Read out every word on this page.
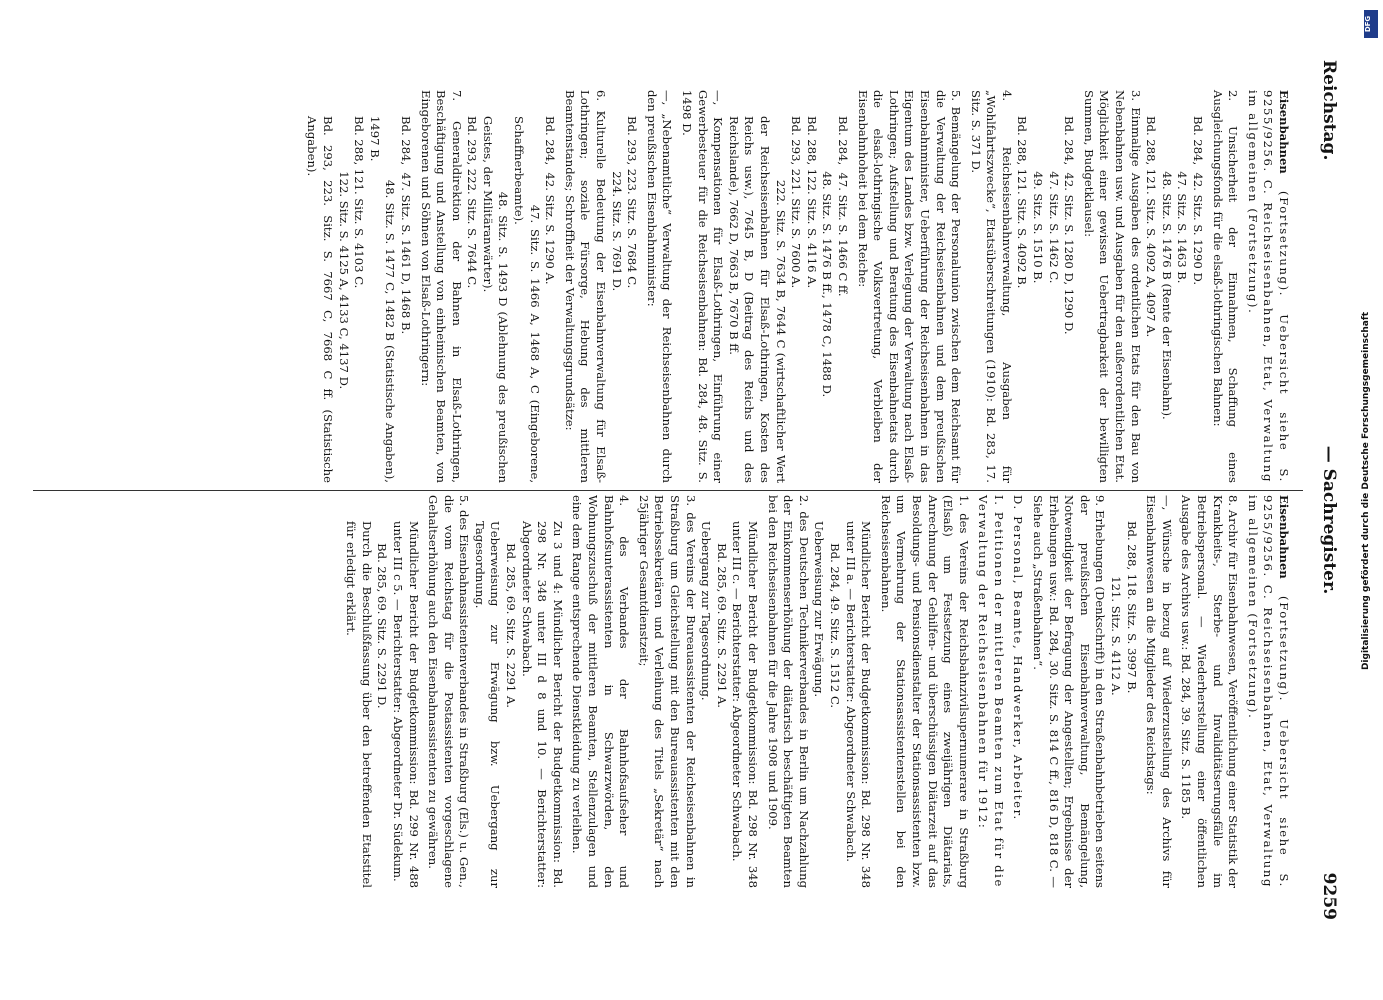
Reichstag.
— Sachregister.
9259

Eisenbahnen (Fortsetzung). Uebersicht siehe S. 9255/9256. C. Reichseisenbahnen, Etat, Verwaltung im allgemeinen (Fortsetzung).

2. Unsicherheit der Einnahmen, Schaffung eines Ausgleichungsfonds für die elsaß-lothringischen Bahnen:

Bd. 284,  42. Sitz. S. 1290 D.
47. Sitz. S. 1463 B.
48. Sitz. S. 1476 B (Rente der Eisenbahn).
Bd. 288, 121. Sitz. S. 4092 A, 4097 A.

3. Einmalige Ausgaben des ordentlichen Etats für den Bau von Nebenbahnen usw. und Ausgaben für den außerordentlichen Etat. Möglichkeit einer gewissen Uebertragbarkeit der bewilligten Summen, Budgetklausel:

Bd. 284,  42. Sitz. S. 1280 D, 1290 D.
47. Sitz. S. 1462 C.
49. Sitz. S. 1510 B.
Bd. 288, 121. Sitz. S. 4092 B.

4. Reichseisenbahnverwaltung, Ausgaben für „Wohlfahrtszwecke“, Etatsüberschreitungen (1910): Bd. 283, 17. Sitz. S. 371 D.

5. Bemängelung der Personalunion zwischen dem Reichsamt für die Verwaltung der Reichseisenbahnen und dem preußischen Eisenbahnminister, Ueberführung der Reichseisenbahnen in das Eigentum des Landes bzw. Verlegung der Verwaltung nach Elsaß-Lothringen; Aufstellung und Beratung des Eisenbahnetats durch die elsaß-lothringische Volksvertretung, Verbleiben der Eisenbahnhoheit bei dem Reiche:

Bd. 284,  47. Sitz. S. 1466 C ff.
48. Sitz. S. 1476 B ff., 1478 C, 1488 D.
Bd. 288, 122. Sitz. S. 4116 A.
Bd. 293, 221. Sitz. S. 7600 A.
222. Sitz. S. 7634 B, 7644 C (wirtschaftlicher Wert der Reichseisenbahnen für Elsaß-Lothringen, Kosten des Reichs usw.), 7645 B, D (Beitrag des Reichs und des Reichslande), 7662 D, 7663 B, 7670 B ff.

—, Kompensationen für Elsaß-Lothringen, Einführung einer Gewerbesteuer für die Reichseisenbahnen: Bd. 284, 48. Sitz. S. 1498 D.

—, „Nebenamtliche“ Verwaltung der Reichseisenbahnen durch den preußischen Eisenbahnminister:

Bd. 293, 223. Sitz. S. 7684 C.
224. Sitz. S. 7691 D.

6. Kulturelle Bedeutung der Eisenbahnverwaltung für Elsaß-Lothringen; soziale Fürsorge, Hebung des mittleren Beamtenstandes; Schroffheit der Verwaltungsgrundsätze:

Bd. 284,  42. Sitz. S. 1290 A.
47. Sitz. S. 1466 A, 1468 A, C (Eingeborene, Schaffnerbeamte).
48. Sitz. S. 1493 D (Ablehnung des preußischen Geistes, der Militäranwärter).
Bd. 293, 222. Sitz. S. 7644 C.

7. Generaldirektion der Bahnen in Elsaß-Lothringen, Beschäftigung und Anstellung von einheimischen Beamten, von Eingeborenen und Söhnen von Elsaß-Lothringern:

Bd. 284,  47. Sitz. S. 1461 D, 1468 B.
48. Sitz. S. 1477 C, 1482 B (Statistische Angaben), 1497 B.
Bd. 288, 121. Sitz. S. 4103 C.
122. Sitz. S. 4125 A, 4133 C, 4137 D.
Bd. 293, 223. Sitz. S. 7667 C, 7668 C ff. (Statistische Angaben).

Eisenbahnen (Fortsetzung). Uebersicht siehe S. 9255/9256. C. Reichseisenbahnen, Etat, Verwaltung im allgemeinen (Fortsetzung).

8. Archiv für Eisenbahnwesen, Veröffentlichung einer Statistik der Krankheits-, Sterbe- und Invaliditätserungsfälle im Betriebspersonal. — Wiederherstellung einer öffentlichen Ausgabe des Archivs usw.: Bd. 284, 39. Sitz. S. 1185 B.

—, Wünsche in bezug auf Wiederzustellung des Archivs für Eisenbahnwesen an die Mitglieder des Reichstags:

Bd. 288, 118. Sitz. S. 3997 B.
121. Sitz. S. 4112 A.

9. Erhebungen (Denkschrift) in den Straßenbahnbetrieben seitens der preußischen Eisenbahnverwaltung, Bemängelung, Notwendigkeit der Befragung der Angestellten; Ergebnisse der Erhebungen usw.: Bd. 284, 30. Sitz. S. 814 C ff., 816 D, 818 C. — Siehe auch „Straßenbahnen“.

D. Personal, Beamte, Handwerker, Arbeiter.

I. Petitionen der mittleren Beamten zum Etat für die Verwaltung der Reichseisenbahnen für 1912:

1. des Vereins der Reichsbahnzivilsupernumerare in Straßburg (Elsaß) um Festsetzung eines zweijährigen Diätariats, Anrechnung der Gehilfen- und überschüssigen Diätarzeit auf das Besoldungs- und Pensionsdienstalter der Stationsassistenten bzw. um Vermehrung der Stationsassistentenstellen bei den Reichseisenbahnen.

Mündlicher Bericht der Budgetkommission: Bd. 298 Nr. 348 unter III a. — Berichterstatter: Abgeordneter Schwabach.
Bd. 284, 49. Sitz. S. 1512 C.
Ueberweisung zur Erwägung.

2. des Deutschen Technikerverbandes in Berlin um Nachzahlung der Einkommenserhöhung der diätarisch beschäftigten Beamten bei den Reichseisenbahnen für die Jahre 1908 und 1909.

Mündlicher Bericht der Budgetkommission: Bd. 298 Nr. 348 unter III c. — Berichterstatter: Abgeordneter Schwabach.
Bd. 285, 69. Sitz. S. 2291 A.
Uebergang zur Tagesordnung.

3. des Vereins der Bureauassistenten der Reichseisenbahnen in Straßburg um Gleichstellung mit den Bureauassistenten mit den Betriebssekretären und Verleihung des Titels „Sekretär“ nach 25jähriger Gesamtdienstzeit;

4. des Verbandes der Bahnhofsaufseher und Bahnhofsunterassistenten in Schwarzwörden, den Wohnungszuschuß der mittleren Beamten, Stellenzulagen und eine dem Range entsprechende Dienstkleidung zu verleihen.

Zu 3 und 4: Mündlicher Bericht der Budgetkommission: Bd. 298 Nr. 348 unter III d 8 und 10. — Berichterstatter: Abgeordneter Schwabach.
Bd. 285, 69. Sitz. S. 2291 A.
Ueberweisung zur Erwägung bzw. Uebergang zur Tagesordnung.

5. des Eisenbahnassistentenverbandes in Straßburg (Els.) u. Gen., die vom Reichstag für die Postassistenten vorgeschlagene Gehaltserhöhung auch den Eisenbahnassistenten zu gewähren.

Mündlicher Bericht der Budgetkommission: Bd. 299 Nr. 488 unter III c 5. — Berichterstatter: Abgeordneter Dr. Südekum.
Bd. 285, 69. Sitz. S. 2291 D.
Durch die Beschlußfassung über den betreffenden Etatstitel für erledigt erklärt.	Digitalisierung gefördert durch die Deutsche Forschungsgemeinschaft
DFG
